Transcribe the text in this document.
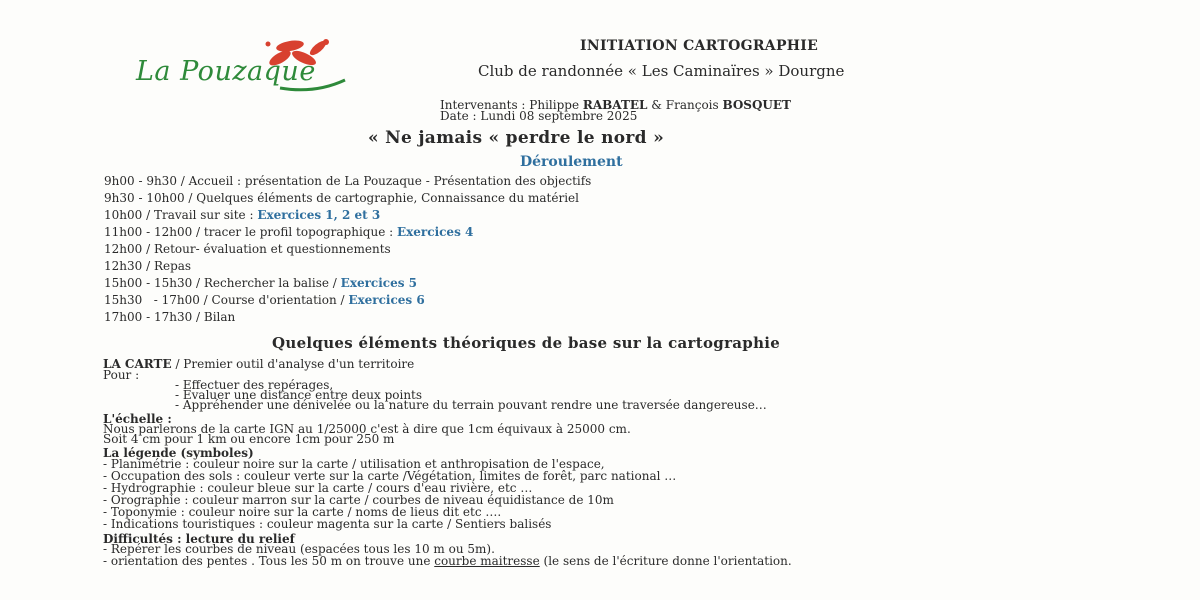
La Pouzaque
INITIATION CARTOGRAPHIE
Club de randonnée « Les Caminaïres » Dourgne
Intervenants : Philippe RABATEL & François BOSQUET
Date : Lundi 08 septembre 2025
« Ne jamais « perdre le nord »
Déroulement
9h00 - 9h30 / Accueil : présentation de La Pouzaque - Présentation des objectifs
9h30 - 10h00 / Quelques éléments de cartographie, Connaissance du matériel
10h00 / Travail sur site : Exercices 1, 2 et 3
11h00 - 12h00 / tracer le profil topographique : Exercices 4
12h00 / Retour- évaluation et questionnements
12h30 / Repas
15h00 - 15h30 / Rechercher la balise / Exercices 5
15h30   - 17h00 / Course d'orientation / Exercices 6
17h00 - 17h30 / Bilan
Quelques éléments théoriques de base sur la cartographie
LA CARTE / Premier outil d'analyse d'un territoire
Pour :
- Effectuer des repérages,
- Evaluer une distance entre deux points
- Appréhender une dénivelée ou la nature du terrain pouvant rendre une traversée dangereuse…
L'échelle :
Nous parlerons de la carte IGN au 1/25000 c'est à dire que 1cm équivaux à 25000 cm.
Soit 4 cm pour 1 km ou encore 1cm pour 250 m
La légende (symboles)
- Planimétrie : couleur noire sur la carte / utilisation et anthropisation de l'espace,
- Occupation des sols : couleur verte sur la carte /Végétation, limites de forêt, parc national …
- Hydrographie : couleur bleue sur la carte / cours d'eau rivière, etc …
- Orographie : couleur marron sur la carte / courbes de niveau équidistance de 10m
- Toponymie : couleur noire sur la carte / noms de lieus dit etc ….
- Indications touristiques : couleur magenta sur la carte / Sentiers balisés
Difficultés : lecture du relief
- Repérer les courbes de niveau (espacées tous les 10 m ou 5m).
- orientation des pentes . Tous les 50 m on trouve une courbe maitresse (le sens de l'écriture donne l'orientation.
